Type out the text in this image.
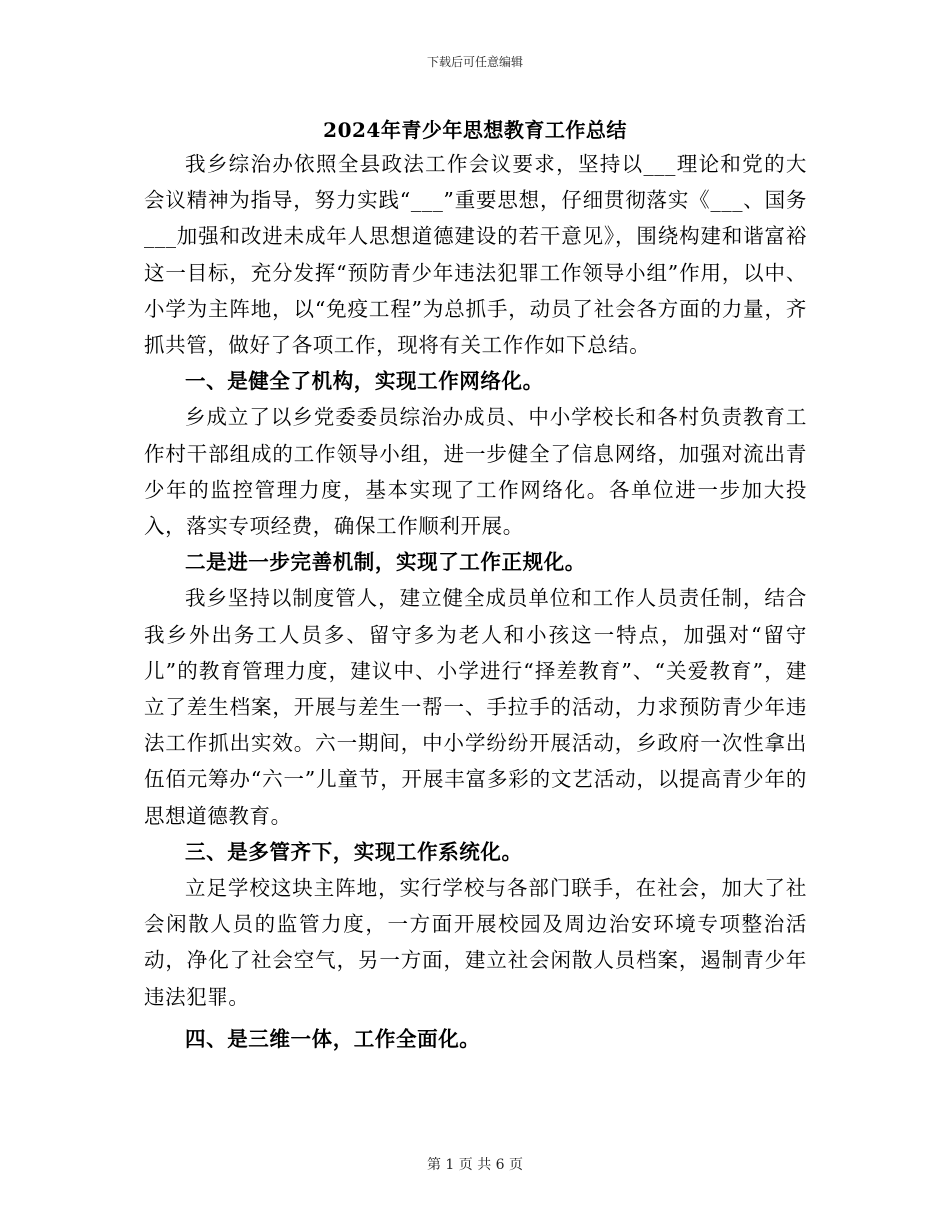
下载后可任意编辑
2024年青少年思想教育工作总结

我乡综治办依照全县政法工作会议要求，坚持以___理论和党的大会议精神为指导，努力实践“___”重要思想，仔细贯彻落实《___、国务___加强和改进未成年人思想道德建设的若干意见》，围绕构建和谐富裕这一目标，充分发挥“预防青少年违法犯罪工作领导小组”作用，以中、小学为主阵地，以“免疫工程”为总抓手，动员了社会各方面的力量，齐抓共管，做好了各项工作，现将有关工作作如下总结。

一、是健全了机构，实现工作网络化。

乡成立了以乡党委委员综治办成员、中小学校长和各村负责教育工作村干部组成的工作领导小组，进一步健全了信息网络，加强对流出青少年的监控管理力度，基本实现了工作网络化。各单位进一步加大投入，落实专项经费，确保工作顺利开展。

二是进一步完善机制，实现了工作正规化。

我乡坚持以制度管人，建立健全成员单位和工作人员责任制，结合我乡外出务工人员多、留守多为老人和小孩这一特点，加强对“留守儿”的教育管理力度，建议中、小学进行“择差教育”、“关爱教育”，建立了差生档案，开展与差生一帮一、手拉手的活动，力求预防青少年违法工作抓出实效。六一期间，中小学纷纷开展活动，乡政府一次性拿出伍佰元筹办“六一”儿童节，开展丰富多彩的文艺活动，以提高青少年的思想道德教育。

三、是多管齐下，实现工作系统化。

立足学校这块主阵地，实行学校与各部门联手，在社会，加大了社会闲散人员的监管力度，一方面开展校园及周边治安环境专项整治活动，净化了社会空气，另一方面，建立社会闲散人员档案，遏制青少年违法犯罪。

四、是三维一体，工作全面化。

第 1 页 共 6 页
